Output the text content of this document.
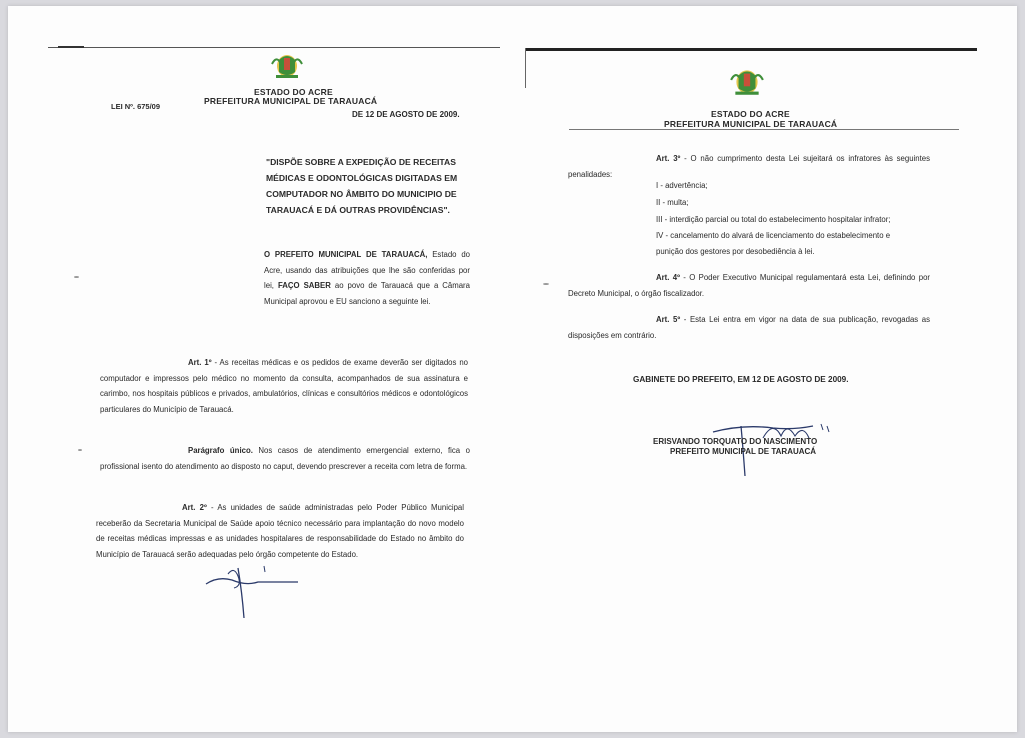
ESTADO DO ACRE
PREFEITURA MUNICIPAL DE TARAUACÁ
LEI Nº. 675/09
DE 12 DE AGOSTO DE 2009.
"DISPÕE SOBRE A EXPEDIÇÃO DE RECEITAS MÉDICAS E ODONTOLÓGICAS DIGITADAS EM COMPUTADOR NO ÂMBITO DO MUNICIPIO DE TARAUACÁ E DÁ OUTRAS PROVIDÊNCIAS".
O PREFEITO MUNICIPAL DE TARAUACÁ, Estado do Acre, usando das atribuições que lhe são conferidas por lei, FAÇO SABER ao povo de Tarauacá que a Câmara Municipal aprovou e EU sanciono a seguinte lei.
Art. 1º - As receitas médicas e os pedidos de exame deverão ser digitados no computador e impressos pelo médico no momento da consulta, acompanhados de sua assinatura e carimbo, nos hospitais públicos e privados, ambulatórios, clínicas e consultórios médicos e odontológicos particulares do Município de Tarauacá.
Parágrafo único. Nos casos de atendimento emergencial externo, fica o profissional isento do atendimento ao disposto no caput, devendo prescrever a receita com letra de forma.
Art. 2º - As unidades de saúde administradas pelo Poder Público Municipal receberão da Secretaria Municipal de Saúde apoio técnico necessário para implantação do novo modelo de receitas médicas impressas e as unidades hospitalares de responsabilidade do Estado no âmbito do Município de Tarauacá serão adequadas pelo órgão competente do Estado.
ESTADO DO ACRE
PREFEITURA MUNICIPAL DE TARAUACÁ
Art. 3º - O não cumprimento desta Lei sujeitará os infratores às seguintes penalidades:
I - advertência;
II - multa;
III - interdição parcial ou total do estabelecimento hospitalar infrator;
IV - cancelamento do alvará de licenciamento do estabelecimento e
punição dos gestores por desobediência à lei.
Art. 4º - O Poder Executivo Municipal regulamentará esta Lei, definindo por Decreto Municipal, o órgão fiscalizador.
Art. 5º - Esta Lei entra em vigor na data de sua publicação, revogadas as disposições em contrário.
GABINETE DO PREFEITO, EM 12 DE AGOSTO DE 2009.
ERISVANDO TORQUATO DO NASCIMENTO
PREFEITO MUNICIPAL DE TARAUACÁ
